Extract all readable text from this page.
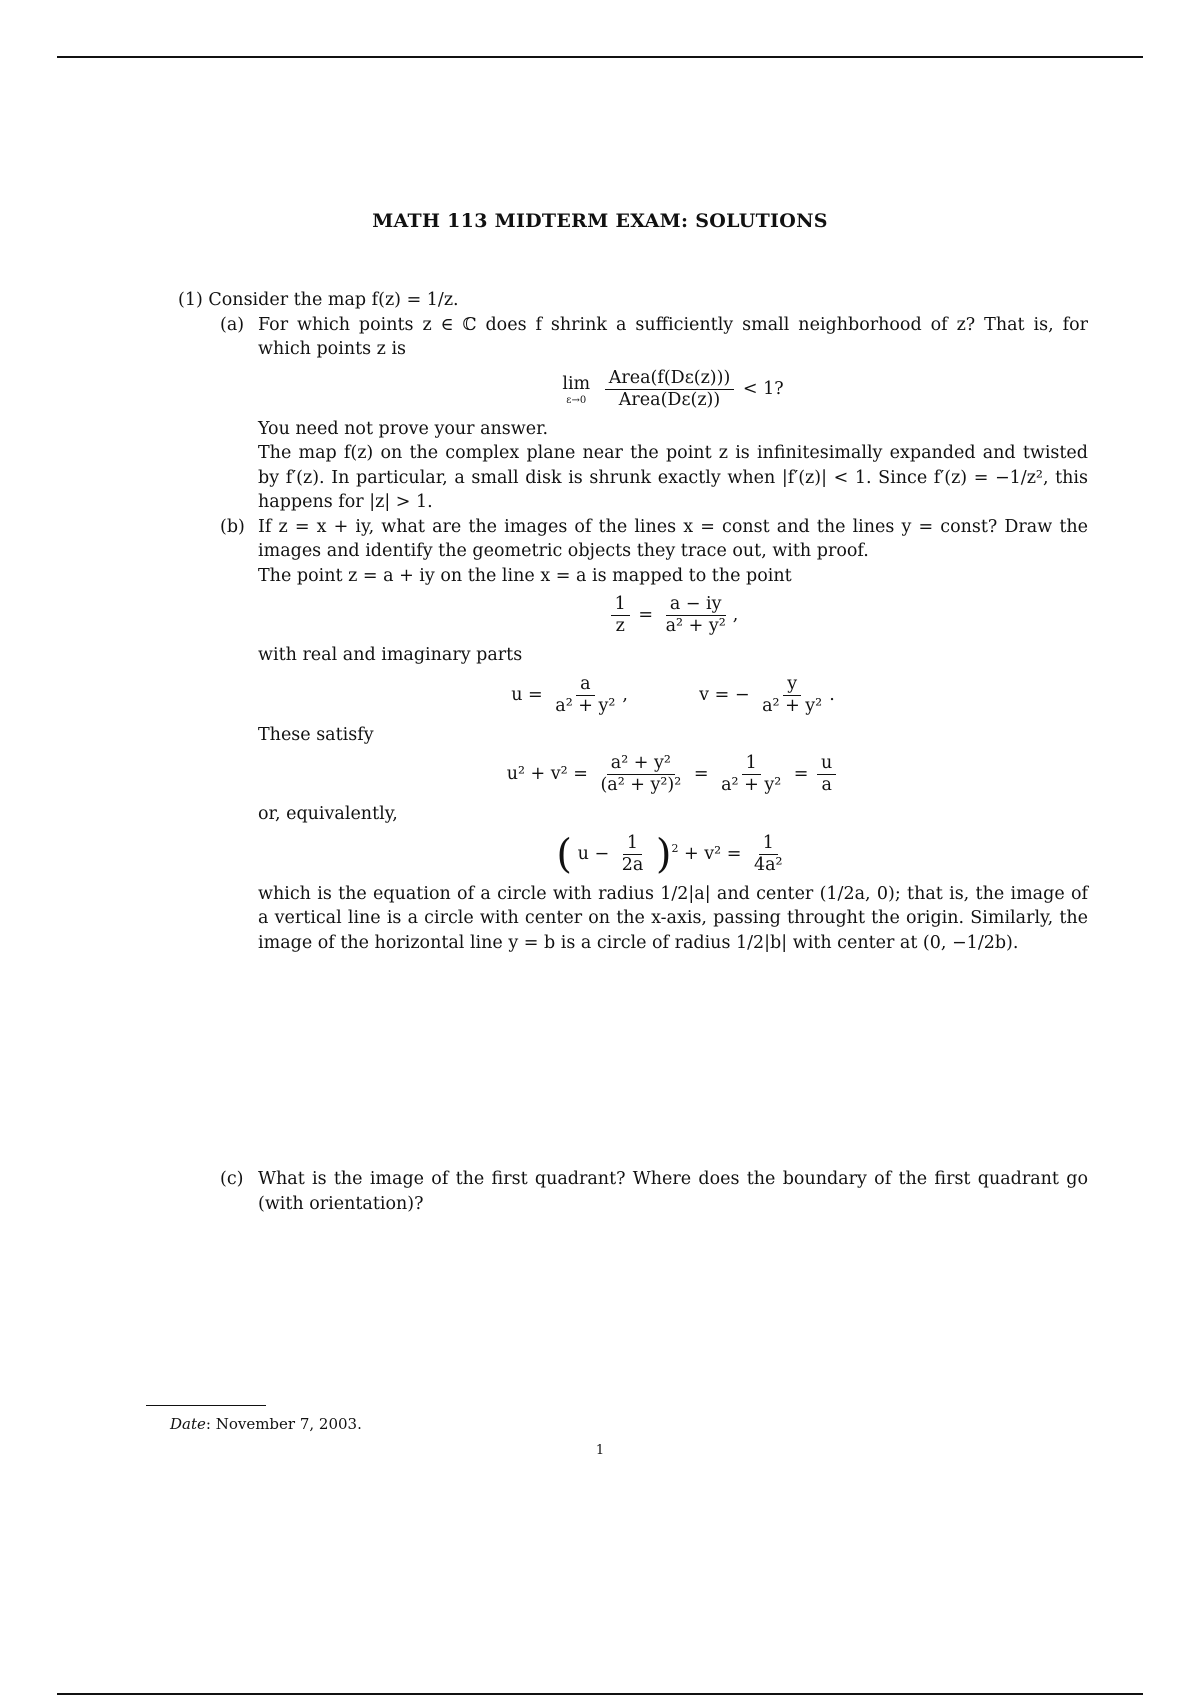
MATH 113 MIDTERM EXAM: SOLUTIONS
(1) Consider the map f(z) = 1/z.
(a) For which points z ∈ ℂ does f shrink a sufficiently small neighborhood of z? That is, for which points z is

lim
ε→0
$\frac{\text{Area(f(Dε(z)))}}{\text{Area(Dε(z))}} < 1$?

You need not prove your answer.

The map f(z) on the complex plane near the point z is infinitesimally expanded and twisted by f′(z). In particular, a small disk is shrunk exactly when |f′(z)| < 1. Since f′(z) = −1/z², this happens for |z| > 1.

(b) If z = x + iy, what are the images of the lines x = const and the lines y = const? Draw the images and identify the geometric objects they trace out, with proof.

The point z = a + iy on the line x = a is mapped to the point

$\frac{1}{z} = \frac{a - iy}{\text{a² + y²}}$ ,

with real and imaginary parts

$u = \frac{a}{\text{a² + y²}}$ ,	v = − $\frac{y}{\text{a² + y²}}$ .

These satisfy

$u^2 + v^2 = \frac{\text{a² + y²}}{\text{(a² + y²)²}} = \frac{1}{\text{a² + y²}} = \frac{u}{a}$

or, equivalently,

( $u - \frac{1}{2a} )^2 + v^2 = \frac{1}{\text{4a²}}$

which is the equation of a circle with radius 1/2|a| and center (1/2a, 0); that is, the image of a vertical line is a circle with center on the x-axis, passing throught the origin. Similarly, the image of the horizontal line y = b is a circle of radius 1/2|b| with center at (0, −1/2b).

(c) What is the image of the first quadrant? Where does the boundary of the first quadrant go (with orientation)?

Date: November 7, 2003.
1
